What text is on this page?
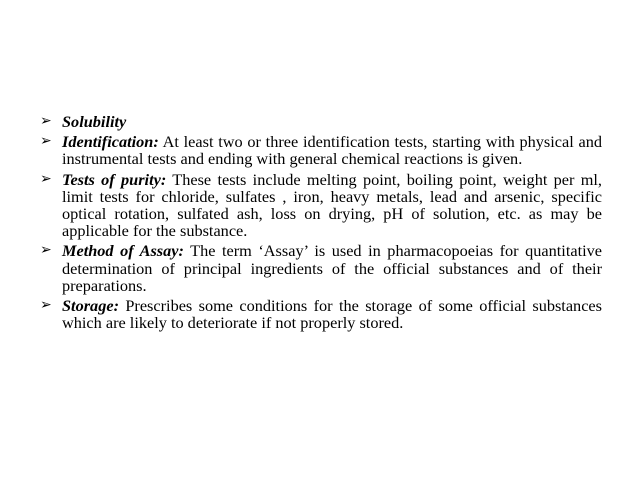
➢ Solubility
➢ Identification: At least two or three identification tests, starting with physical and instrumental tests and ending with general chemical reactions is given.
➢ Tests of purity: These tests include melting point, boiling point, weight per ml, limit tests for chloride, sulfates , iron, heavy metals, lead and arsenic, specific optical rotation, sulfated ash, loss on drying, pH of solution, etc. as may be applicable for the substance.
➢ Method of Assay: The term ‘Assay’ is used in pharmacopoeias for quantitative determination of principal ingredients of the official substances and of their preparations.
➢ Storage: Prescribes some conditions for the storage of some official substances which are likely to deteriorate if not properly stored.
